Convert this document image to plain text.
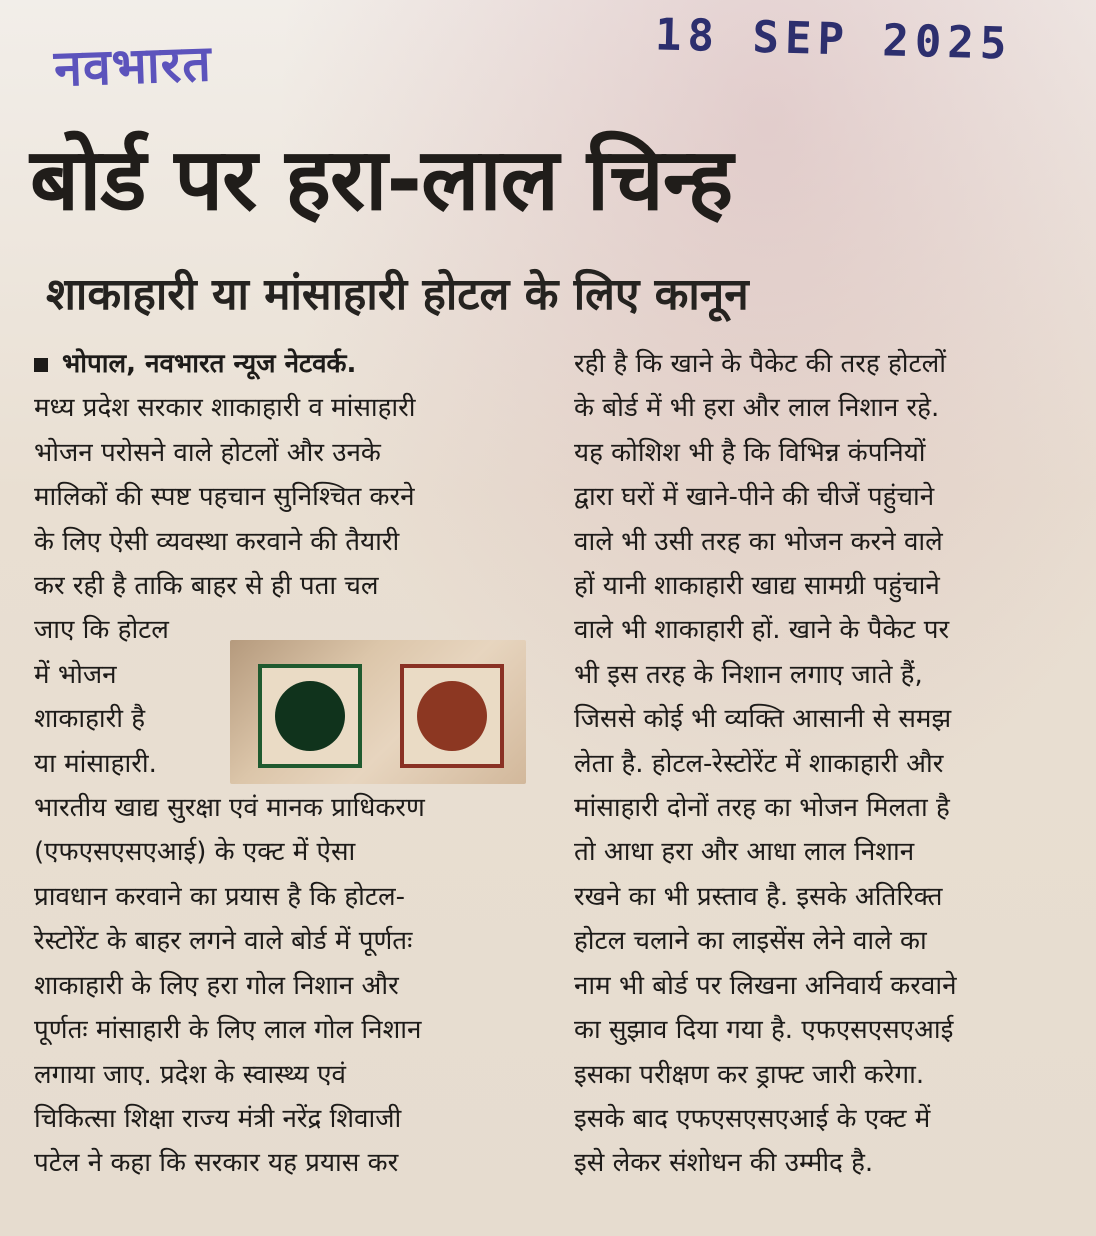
नवभारत	18 SEP 2025
बोर्ड पर हरा-लाल चिन्ह
शाकाहारी या मांसाहारी होटल के लिए कानून
भोपाल, नवभारत न्यूज नेटवर्क.
मध्य प्रदेश सरकार शाकाहारी व मांसाहारी
भोजन परोसने वाले होटलों और उनके
मालिकों की स्पष्ट पहचान सुनिश्चित करने
के लिए ऐसी व्यवस्था करवाने की तैयारी
कर रही है ताकि बाहर से ही पता चल
जाए कि होटल
में भोजन
शाकाहारी है
या मांसाहारी.
भारतीय खाद्य सुरक्षा एवं मानक प्राधिकरण
(एफएसएसएआई) के एक्ट में ऐसा
प्रावधान करवाने का प्रयास है कि होटल-
रेस्टोरेंट के बाहर लगने वाले बोर्ड में पूर्णतः
शाकाहारी के लिए हरा गोल निशान और
पूर्णतः मांसाहारी के लिए लाल गोल निशान
लगाया जाए. प्रदेश के स्वास्थ्य एवं
चिकित्सा शिक्षा राज्य मंत्री नरेंद्र शिवाजी
पटेल ने कहा कि सरकार यह प्रयास कर
रही है कि खाने के पैकेट की तरह होटलों
के बोर्ड में भी हरा और लाल निशान रहे.
यह कोशिश भी है कि विभिन्न कंपनियों
द्वारा घरों में खाने-पीने की चीजें पहुंचाने
वाले भी उसी तरह का भोजन करने वाले
हों यानी शाकाहारी खाद्य सामग्री पहुंचाने
वाले भी शाकाहारी हों. खाने के पैकेट पर
भी इस तरह के निशान लगाए जाते हैं,
जिससे कोई भी व्यक्ति आसानी से समझ
लेता है. होटल-रेस्टोरेंट में शाकाहारी और
मांसाहारी दोनों तरह का भोजन मिलता है
तो आधा हरा और आधा लाल निशान
रखने का भी प्रस्ताव है. इसके अतिरिक्त
होटल चलाने का लाइसेंस लेने वाले का
नाम भी बोर्ड पर लिखना अनिवार्य करवाने
का सुझाव दिया गया है. एफएसएसएआई
इसका परीक्षण कर ड्राफ्ट जारी करेगा.
इसके बाद एफएसएसएआई के एक्ट में
इसे लेकर संशोधन की उम्मीद है.
